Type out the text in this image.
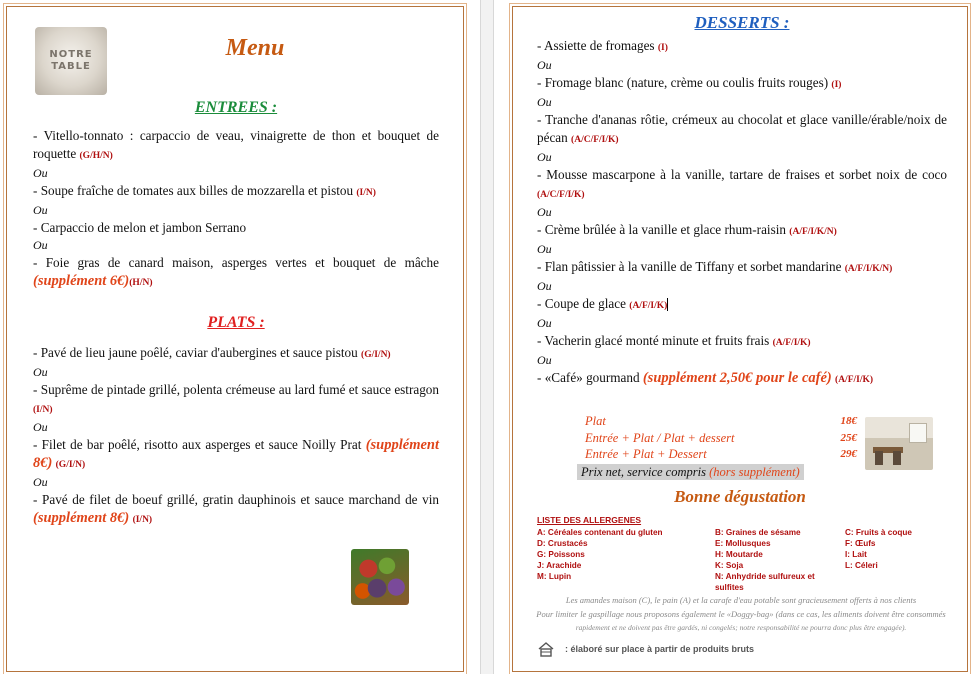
NOTRE
TABLE
Menu
ENTREES :
- Vitello-tonnato : carpaccio de veau, vinaigrette de thon et bouquet de roquette (G/H/N)
Ou
- Soupe fraîche de tomates aux billes de mozzarella et pistou (I/N)
Ou
- Carpaccio de melon et jambon Serrano
Ou
- Foie gras de canard maison, asperges vertes et bouquet de mâche (supplément 6€)(H/N)
PLATS :
- Pavé de lieu jaune poêlé, caviar d'aubergines et sauce pistou (G/I/N)
Ou
- Suprême de pintade grillé, polenta crémeuse au lard fumé et sauce estragon (I/N)
Ou
- Filet de bar poêlé, risotto aux asperges et sauce Noilly Prat (supplément 8€) (G/I/N)
Ou
- Pavé de filet de boeuf grillé, gratin dauphinois et sauce marchand de vin (supplément 8€) (I/N)
DESSERTS :
- Assiette de fromages (I)
Ou
- Fromage blanc (nature, crème ou coulis fruits rouges) (I)
Ou
- Tranche d'ananas rôtie, crémeux au chocolat et glace vanille/érable/noix de pécan (A/C/F/I/K)
Ou
- Mousse mascarpone à la vanille, tartare de fraises et sorbet noix de coco (A/C/F/I/K)
Ou
- Crème brûlée à la vanille et glace rhum-raisin (A/F/I/K/N)
Ou
- Flan pâtissier à la vanille de Tiffany et sorbet mandarine (A/F/I/K/N)
Ou
- Coupe de glace (A/F/I/K)
Ou
- Vacherin glacé monté minute et fruits frais (A/F/I/K)
Ou
- «Café» gourmand (supplément 2,50€ pour le café) (A/F/I/K)
Plat	18€
Entrée + Plat / Plat + dessert	25€
Entrée + Plat + Dessert	29€
Prix net, service compris (hors supplément)
Bonne dégustation
LISTE DES ALLERGENES
A: Céréales contenant du gluten	B: Graines de sésame	C: Fruits à coque
D: Crustacés	E: Mollusques	F: Œufs
G: Poissons	H: Moutarde	I: Lait
J: Arachide	K: Soja	L: Céleri
M: Lupin	N: Anhydride sulfureux et sulfites
Les amandes maison (C), le pain (A) et la carafe d'eau potable sont gracieusement offerts à nos clients
Pour limiter le gaspillage nous proposons également le «Doggy-bag» (dans ce cas, les aliments doivent être consommés
rapidement et ne doivent pas être gardés, ni congelés; notre responsabilité ne pourra donc plus être engagée).
: élaboré sur place à partir de produits bruts
